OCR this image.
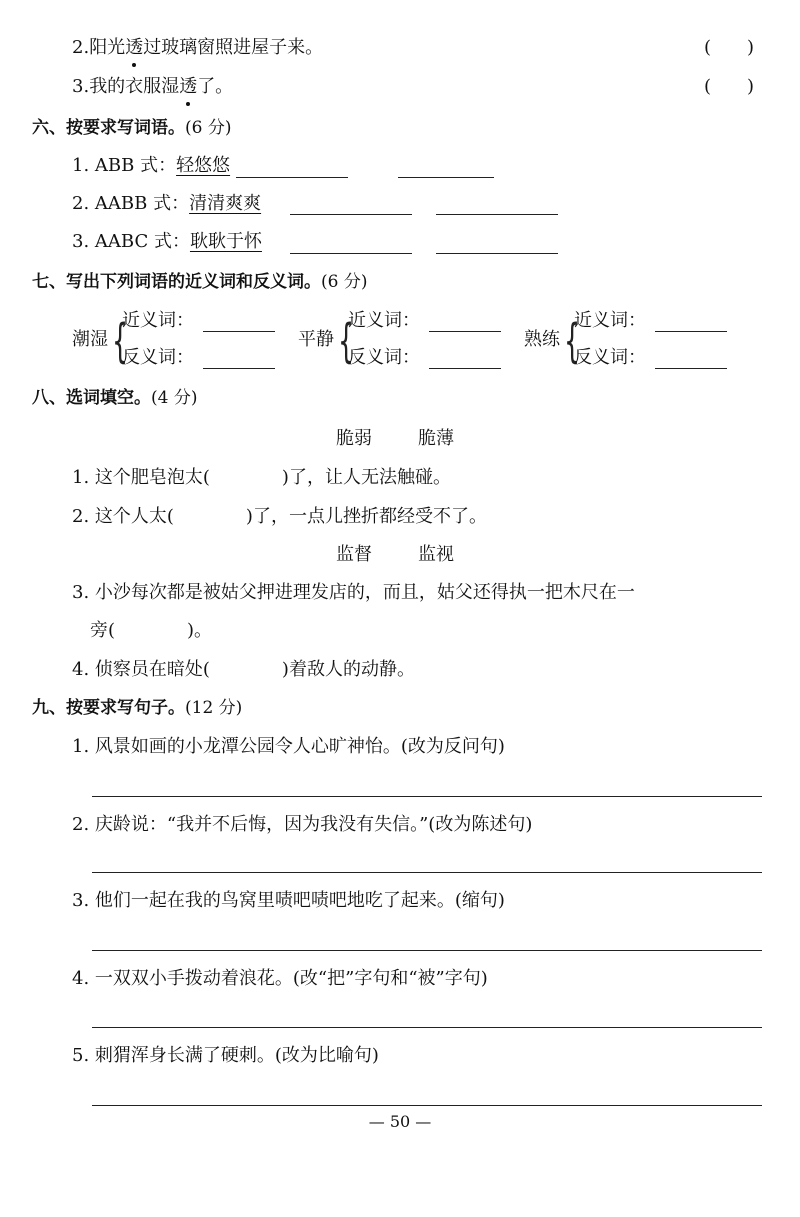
2.阳光透过玻璃窗照进屋子来。	(　　)
3.我的衣服湿透了。	(　　)
六、按要求写词语。(6 分)
1. ABB 式：轻悠悠
2. AABB 式：清清爽爽
3. AABC 式：耿耿于怀
七、写出下列词语的近义词和反义词。(6 分)
潮湿 {
近义词：
反义词：
平静 {
近义词：
反义词：
熟练 {
近义词：
反义词：
八、选词填空。(4 分)
脆弱	脆薄
1. 这个肥皂泡太(　　　　	)了，让人无法触碰。
2. 这个人太(　　　　	)了，一点儿挫折都经受不了。
监督	监视
3. 小沙每次都是被姑父押进理发店的，而且，姑父还得执一把木尺在一
旁(　　　　	)。
4. 侦察员在暗处(　　　　	)着敌人的动静。
九、按要求写句子。(12 分)
1. 风景如画的小龙潭公园令人心旷神怡。(改为反问句)
2. 庆龄说：“我并不后悔，因为我没有失信。”(改为陈述句)
3. 他们一起在我的鸟窝里啧吧啧吧地吃了起来。(缩句)
4. 一双双小手拨动着浪花。(改“把”字句和“被”字句)
5. 刺猬浑身长满了硬刺。(改为比喻句)
— 50 —
